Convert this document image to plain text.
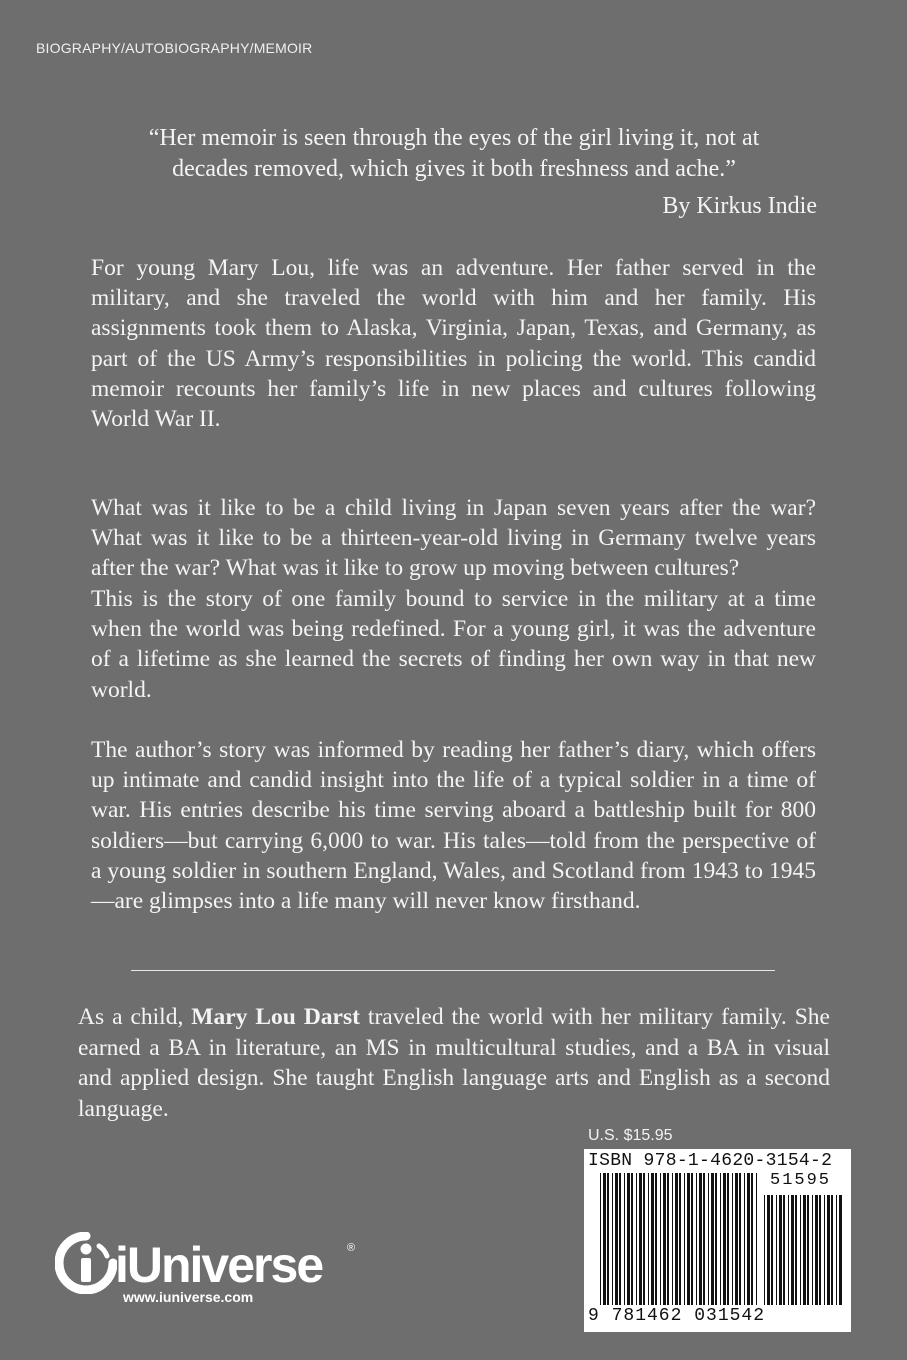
BIOGRAPHY/AUTOBIOGRAPHY/MEMOIR

“Her memoir is seen through the eyes of the girl living it, not at decades removed, which gives it both freshness and ache.”

By Kirkus Indie

For young Mary Lou, life was an adventure. Her father served in the military, and she traveled the world with him and her family. His assignments took them to Alaska, Virginia, Japan, Texas, and Germany, as part of the US Army’s responsibilities in policing the world. This candid memoir recounts her family’s life in new places and cultures following World War II.

What was it like to be a child living in Japan seven years after the war? What was it like to be a thirteen-year-old living in Germany twelve years after the war? What was it like to grow up moving between cultures?

This is the story of one family bound to service in the military at a time when the world was being redefined. For a young girl, it was the adventure of a lifetime as she learned the secrets of finding her own way in that new world.

The author’s story was informed by reading her father’s diary, which offers up intimate and candid insight into the life of a typical soldier in a time of war. His entries describe his time serving aboard a battleship built for 800 soldiers—but carrying 6,000 to war. His tales—told from the perspective of a young soldier in southern England, Wales, and Scotland from 1943 to 1945—are glimpses into a life many will never know firsthand.

As a child, Mary Lou Darst traveled the world with her military family. She earned a BA in literature, an MS in multicultural studies, and a BA in visual and applied design. She taught English language arts and English as a second language.

U.S. $15.95
ISBN 978-1-4620-3154-2
51595
9 781462 031542
iUniverse ®
www.iuniverse.com
